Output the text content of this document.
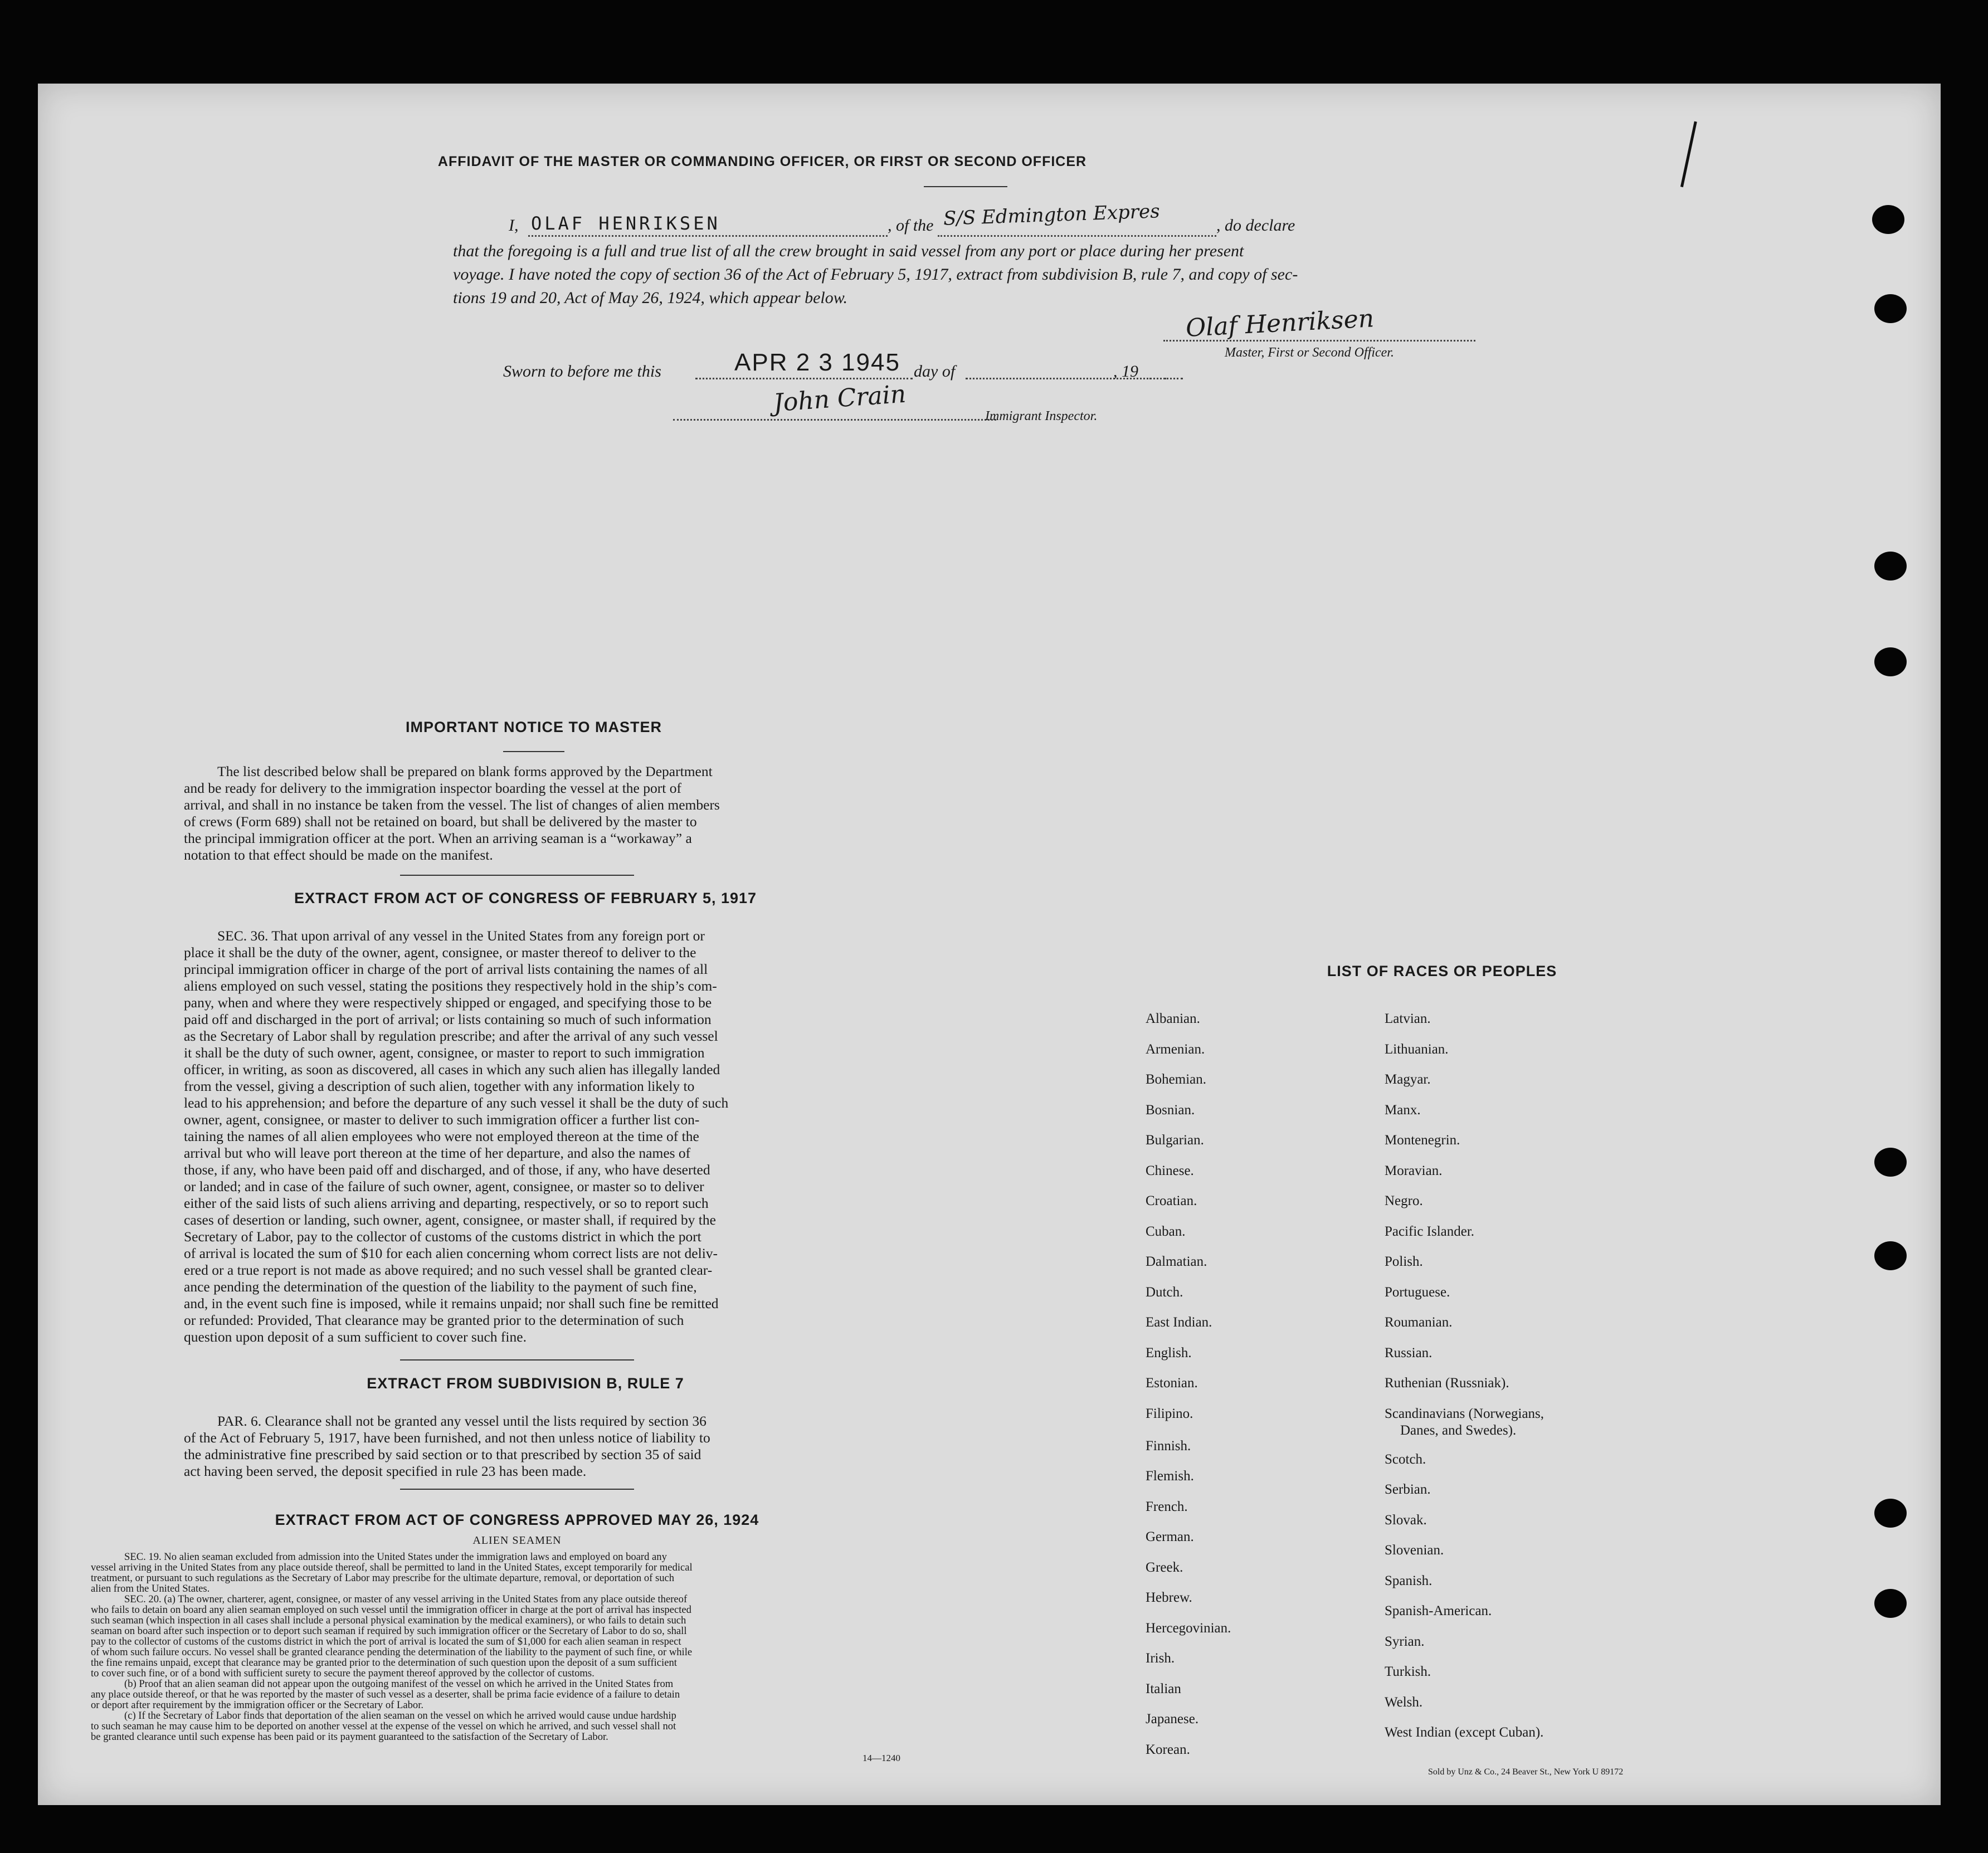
AFFIDAVIT OF THE MASTER OR COMMANDING OFFICER, OR FIRST OR SECOND OFFICER
I, OLAF HENRIKSEN	, of the S/S Edmington Expres	, do declare
that the foregoing is a full and true list of all the crew brought in said vessel from any port or place during her present
voyage. I have noted the copy of section 36 of the Act of February 5, 1917, extract from subdivision B, rule 7, and copy of sec-
tions 19 and 20, Act of May 26, 1924, which appear below.
Olaf Henriksen
Master, First or Second Officer.
Sworn to before me this	APR 2 3 1945 day of	, 19
John Crain	Immigrant Inspector.
IMPORTANT NOTICE TO MASTER
The list described below shall be prepared on blank forms approved by the Department
and be ready for delivery to the immigration inspector boarding the vessel at the port of
arrival, and shall in no instance be taken from the vessel. The list of changes of alien members
of crews (Form 689) shall not be retained on board, but shall be delivered by the master to
the principal immigration officer at the port. When an arriving seaman is a “workaway” a
notation to that effect should be made on the manifest.
EXTRACT FROM ACT OF CONGRESS OF FEBRUARY 5, 1917
SEC. 36. That upon arrival of any vessel in the United States from any foreign port or
place it shall be the duty of the owner, agent, consignee, or master thereof to deliver to the
principal immigration officer in charge of the port of arrival lists containing the names of all
aliens employed on such vessel, stating the positions they respectively hold in the ship’s com-
pany, when and where they were respectively shipped or engaged, and specifying those to be
paid off and discharged in the port of arrival; or lists containing so much of such information
as the Secretary of Labor shall by regulation prescribe; and after the arrival of any such vessel
it shall be the duty of such owner, agent, consignee, or master to report to such immigration
officer, in writing, as soon as discovered, all cases in which any such alien has illegally landed
from the vessel, giving a description of such alien, together with any information likely to
lead to his apprehension; and before the departure of any such vessel it shall be the duty of such
owner, agent, consignee, or master to deliver to such immigration officer a further list con-
taining the names of all alien employees who were not employed thereon at the time of the
arrival but who will leave port thereon at the time of her departure, and also the names of
those, if any, who have been paid off and discharged, and of those, if any, who have deserted
or landed; and in case of the failure of such owner, agent, consignee, or master so to deliver
either of the said lists of such aliens arriving and departing, respectively, or so to report such
cases of desertion or landing, such owner, agent, consignee, or master shall, if required by the
Secretary of Labor, pay to the collector of customs of the customs district in which the port
of arrival is located the sum of $10 for each alien concerning whom correct lists are not deliv-
ered or a true report is not made as above required; and no such vessel shall be granted clear-
ance pending the determination of the question of the liability to the payment of such fine,
and, in the event such fine is imposed, while it remains unpaid; nor shall such fine be remitted
or refunded: Provided, That clearance may be granted prior to the determination of such
question upon deposit of a sum sufficient to cover such fine.
EXTRACT FROM SUBDIVISION B, RULE 7
PAR. 6. Clearance shall not be granted any vessel until the lists required by section 36
of the Act of February 5, 1917, have been furnished, and not then unless notice of liability to
the administrative fine prescribed by said section or to that prescribed by section 35 of said
act having been served, the deposit specified in rule 23 has been made.
EXTRACT FROM ACT OF CONGRESS APPROVED MAY 26, 1924
ALIEN SEAMEN
SEC. 19. No alien seaman excluded from admission into the United States under the immigration laws and employed on board any
vessel arriving in the United States from any place outside thereof, shall be permitted to land in the United States, except temporarily for medical
treatment, or pursuant to such regulations as the Secretary of Labor may prescribe for the ultimate departure, removal, or deportation of such
alien from the United States.
SEC. 20. (a) The owner, charterer, agent, consignee, or master of any vessel arriving in the United States from any place outside thereof
who fails to detain on board any alien seaman employed on such vessel until the immigration officer in charge at the port of arrival has inspected
such seaman (which inspection in all cases shall include a personal physical examination by the medical examiners), or who fails to detain such
seaman on board after such inspection or to deport such seaman if required by such immigration officer or the Secretary of Labor to do so, shall
pay to the collector of customs of the customs district in which the port of arrival is located the sum of $1,000 for each alien seaman in respect
of whom such failure occurs. No vessel shall be granted clearance pending the determination of the liability to the payment of such fine, or while
the fine remains unpaid, except that clearance may be granted prior to the determination of such question upon the deposit of a sum sufficient
to cover such fine, or of a bond with sufficient surety to secure the payment thereof approved by the collector of customs.
(b) Proof that an alien seaman did not appear upon the outgoing manifest of the vessel on which he arrived in the United States from
any place outside thereof, or that he was reported by the master of such vessel as a deserter, shall be prima facie evidence of a failure to detain
or deport after requirement by the immigration officer or the Secretary of Labor.
(c) If the Secretary of Labor finds that deportation of the alien seaman on the vessel on which he arrived would cause undue hardship
to such seaman he may cause him to be deported on another vessel at the expense of the vessel on which he arrived, and such vessel shall not
be granted clearance until such expense has been paid or its payment guaranteed to the satisfaction of the Secretary of Labor.
14—1240
LIST OF RACES OR PEOPLES
Albanian.
Armenian.
Bohemian.
Bosnian.
Bulgarian.
Chinese.
Croatian.
Cuban.
Dalmatian.
Dutch.
East Indian.
English.
Estonian.
Filipino.
Finnish.
Flemish.
French.
German.
Greek.
Hebrew.
Hercegovinian.
Irish.
Italian
Japanese.
Korean.
Latvian.
Lithuanian.
Magyar.
Manx.
Montenegrin.
Moravian.
Negro.
Pacific Islander.
Polish.
Portuguese.
Roumanian.
Russian.
Ruthenian (Russniak).
Scandinavians (Norwegians,
Danes, and Swedes).
Scotch.
Serbian.
Slovak.
Slovenian.
Spanish.
Spanish-American.
Syrian.
Turkish.
Welsh.
West Indian (except Cuban).
Sold by Unz & Co., 24 Beaver St., New York U 89172
